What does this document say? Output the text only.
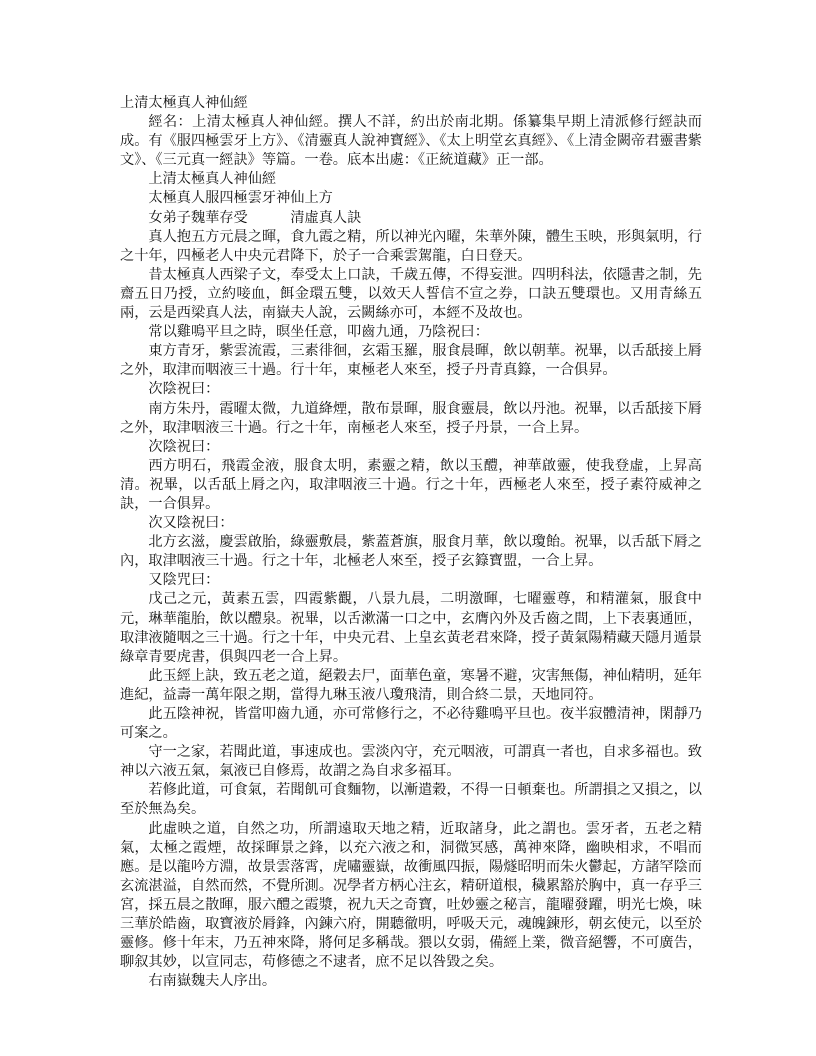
上清太極真人神仙經

經名：上清太極真人神仙經。撰人不詳，約出於南北期。係纂集早期上清派修行經訣而成。有《服四極雲牙上方》、《清靈真人說神寶經》、《太上明堂玄真經》、《上清金闕帝君靈書紫文》、《三元真一經訣》等篇。一卷。底本出處：《正統道藏》正一部。

上清太極真人神仙經

太極真人服四極雲牙神仙上方

女弟子魏華存受	清虛真人訣

真人抱五方元晨之暉，食九霞之精，所以神光內曜，朱華外陳，體生玉映，形與氣明，行之十年，四極老人中央元君降下，於子一合乘雲駕龍，白日登天。

昔太極真人西梁子文，奉受太上口訣，千歲五傳，不得妄泄。四明科法，依隱書之制，先齋五日乃授，立約唼血，餌金環五雙，以效天人誓信不宣之券，口訣五雙環也。又用青絲五兩，云是西梁真人法，南嶽夫人說，云闕絲亦可，本經不及故也。

常以雞鳴平旦之時，暝坐任意，叩齒九通，乃陰祝曰：

東方青牙，紫雲流霞，三素徘徊，玄霜玉羅，服食晨暉，飲以朝華。祝畢，以舌舐接上脣之外，取津而咽液三十過。行十年，東極老人來至，授子丹青真籙，一合俱昇。

次陰祝曰：

南方朱丹，霞曜太微，九道絳煙，散布景暉，服食靈晨，飲以丹池。祝畢，以舌舐接下脣之外，取津咽液三十過。行之十年，南極老人來至，授子丹景，一合上昇。

次陰祝曰：

西方明石，飛霞金液，服食太明，素靈之精，飲以玉醴，神華啟靈，使我登虛，上昇高清。祝畢，以舌舐上脣之內，取津咽液三十過。行之十年，西極老人來至，授子素符威神之訣，一合俱昇。

次又陰祝曰：

北方玄滋，慶雲啟胎，綠靈敷晨，紫蓋蒼旗，服食月華，飲以瓊飴。祝畢，以舌舐下脣之內，取津咽液三十過。行之十年，北極老人來至，授子玄籙寶盟，一合上昇。

又陰咒曰：

戊己之元，黃素五雲，四霞紫觀，八景九晨，二明激暉，七曜靈尊，和精灌氣，服食中元，琳華龍胎，飲以醴泉。祝畢，以舌漱滿一口之中，玄膺內外及舌齒之間，上下表裏通匝，取津液隨咽之三十過。行之十年，中央元君、上皇玄黃老君來降，授子黃氣陽精藏天隱月遁景綠章青要虎書，俱與四老一合上昇。

此玉經上訣，致五老之道，絕穀去尸，面華色童，寒暑不避，灾害無傷，神仙精明，延年進紀，益壽一萬年限之期，當得九琳玉液八瓊飛清，則合終二景，天地同符。

此五陰神祝，皆當叩齒九通，亦可常修行之，不必待雞鳴平旦也。夜半寂體清神，閑靜乃可案之。

守一之家，若聞此道，事速成也。雲淡內守，充元咽液，可謂真一者也，自求多福也。致神以六液五氣，氣液已自修焉，故謂之為自求多福耳。

若修此道，可食氣，若聞飢可食麵物，以漸遣穀，不得一日頓棄也。所謂損之又損之，以至於無為矣。

此虛映之道，自然之功，所謂遠取天地之精，近取諸身，此之謂也。雲牙者，五老之精氣，太極之霞煙，故採暉景之鋒，以充六液之和，洞微冥感，萬神來降，幽映相求，不唱而應。是以龍吟方淵，故景雲落霄，虎嘯靈嶽，故衝風四振，陽燧昭明而朱火鬱起，方諸罕陰而玄流湛溢，自然而然，不覺所測。况學者方柄心注玄，精研道根，穢累豁於胸中，真一存乎三宮，採五晨之散暉，服六醴之霞漿，祝九天之奇寶，吐妙靈之秘言，龍曜發躍，明光七煥，味三華於皓齒，取寶液於脣鋒，內鍊六府，開聽徹明，呼吸天元，魂魄鍊形，朝玄使元，以至於靈修。修十年末，乃五神來降，將何足多稱哉。猥以女弱，備經上業，微音絕響，不可廣告，聊叙其妙，以宣同志，苟修德之不逮者，庶不足以咎毀之矣。

右南嶽魏夫人序出。
